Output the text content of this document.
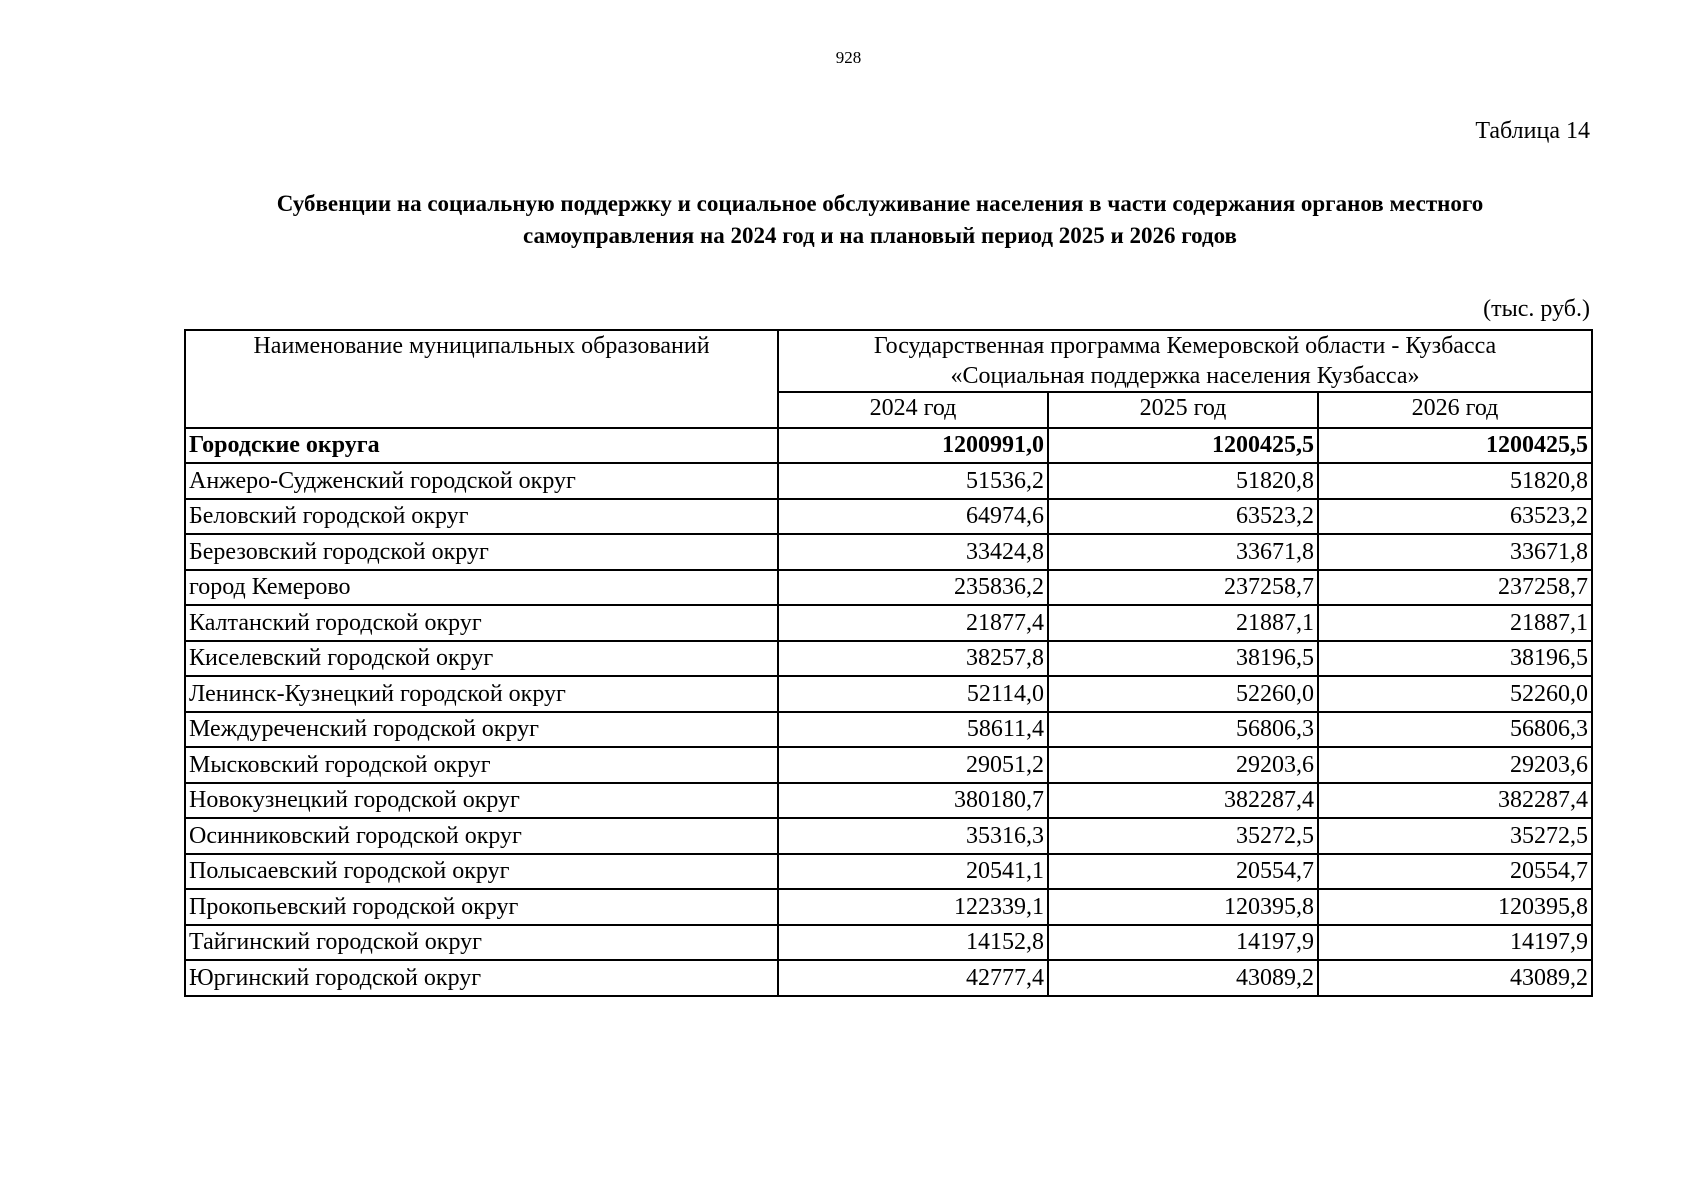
928
Таблица 14
Субвенции на социальную поддержку и социальное обслуживание населения в части содержания органов местного
самоуправления на 2024 год и на плановый период 2025 и 2026 годов
(тыс. руб.)
Наименование муниципальных образований	Государственная программа Кемеровской области - Кузбасса
«Социальная поддержка населения Кузбасса»		

	2024 год	2025 год	2026 год
Городские округа	1200991,0	1200425,5	1200425,5
Анжеро-Судженский городской округ	51536,2	51820,8	51820,8
Беловский городской округ	64974,6	63523,2	63523,2
Березовский городской округ	33424,8	33671,8	33671,8
город Кемерово	235836,2	237258,7	237258,7
Калтанский городской округ	21877,4	21887,1	21887,1
Киселевский городской округ	38257,8	38196,5	38196,5
Ленинск-Кузнецкий городской округ	52114,0	52260,0	52260,0
Междуреченский городской округ	58611,4	56806,3	56806,3
Мысковский городской округ	29051,2	29203,6	29203,6
Новокузнецкий городской округ	380180,7	382287,4	382287,4
Осинниковский городской округ	35316,3	35272,5	35272,5
Полысаевский городской округ	20541,1	20554,7	20554,7
Прокопьевский городской округ	122339,1	120395,8	120395,8
Тайгинский городской округ	14152,8	14197,9	14197,9
Юргинский городской округ	42777,4	43089,2	43089,2
